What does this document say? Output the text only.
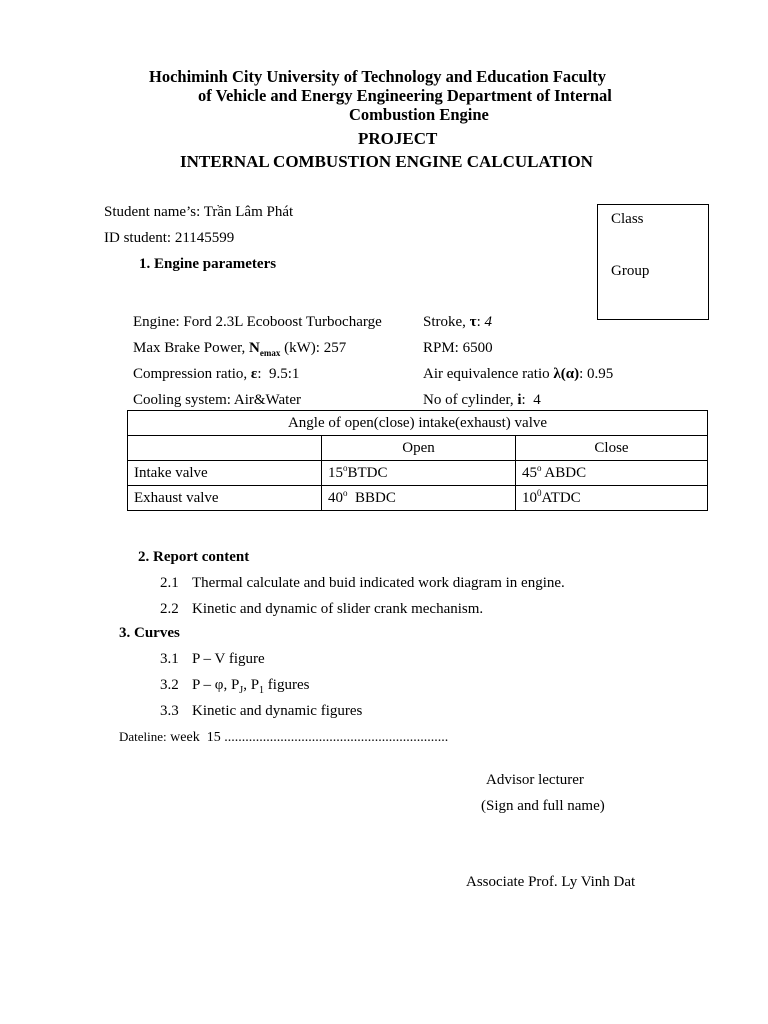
Hochiminh City University of Technology and Education Faculty
of Vehicle and Energy Engineering Department of Internal
Combustion Engine
PROJECT
INTERNAL COMBUSTION ENGINE CALCULATION
Student name’s: Trần Lâm Phát
ID student: 21145599
Class
Group
1. Engine parameters
Engine: Ford 2.3L Ecoboost Turbocharge	Stroke, τ: 4
Max Brake Power, $N_{emax}$ (kW): 257	RPM: 6500
Compression ratio, ε:  9.5:1	Air equivalence ratio λ(α): 0.95
Cooling system: Air&Water	No of cylinder, i:  4
Angle of open(close) intake(exhaust) valve		
	Open	Close
Intake valve	15$^o$BTDC	45$^o$ ABDC
Exhaust valve	40$^o$  BBDC	$10^0ATDC$
2. Report content
2.1 Thermal calculate and buid indicated work diagram in engine.
2.2 Kinetic and dynamic of slider crank mechanism.
3. Curves
3.1 P – V figure
3.2 P – φ, $P_J$, $P_1$ figures
3.3 Kinetic and dynamic figures
Dateline: week  15 ................................................................
Advisor lecturer
(Sign and full name)
Associate Prof. Ly Vinh Dat
